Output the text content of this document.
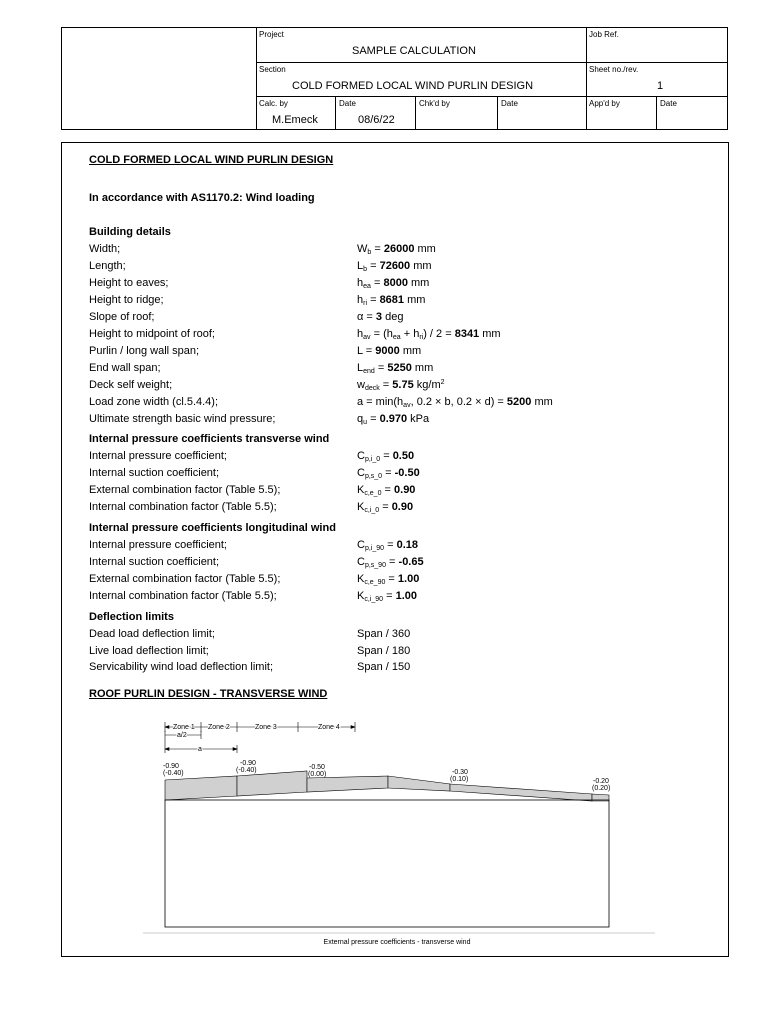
Project
SAMPLE CALCULATION
Job Ref.
Section
COLD FORMED LOCAL WIND PURLIN DESIGN
Sheet no./rev.
1
Calc. by
M.Emeck
Date
08/6/22
Chk'd by	Date	App'd by	Date
COLD FORMED LOCAL WIND PURLIN DESIGN
In accordance with AS1170.2: Wind loading
Building details
Width;	$W_b = 26000$ mm
Length;	$L_b = 72600$ mm
Height to eaves;	$h_{ea} = 8000$ mm
Height to ridge;	$h_{ri} = 8681$ mm
Slope of roof;	α = 3 deg
Height to midpoint of roof;	$h_{av} = (h_{ea} + h_{ri}) / 2 = 8341$ mm
Purlin / long wall span;	L = 9000 mm
End wall span;	$L_{end} = 5250$ mm
Deck self weight;	$w_{deck} = 5.75$ $kg/m^2$
Load zone width (cl.5.4.4);	$a = \min(h_{av}$, 0.2 × b, 0.2 × d) = 5200 mm
Ultimate strength basic wind pressure;	$q_u = 0.970$ kPa
Internal pressure coefficients transverse wind
Internal pressure coefficient;	$C_{p,i\_0} = 0.50$
Internal suction coefficient;	$C_{p,s\_0} = -0.50$
External combination factor (Table 5.5);	$K_{c,e\_0} = 0.90$
Internal combination factor (Table 5.5);	$K_{c,i\_0} = 0.90$
Internal pressure coefficients longitudinal wind
Internal pressure coefficient;	$C_{p,i\_90} = 0.18$
Internal suction coefficient;	$C_{p,s\_90} = -0.65$
External combination factor (Table 5.5);	$K_{c,e\_90} = 1.00$
Internal combination factor (Table 5.5);	$K_{c,i\_90} = 1.00$
Deflection limits
Dead load deflection limit;	Span / 360
Live load deflection limit;	Span / 180
Servicability wind load deflection limit;	Span / 150
ROOF PURLIN DESIGN - TRANSVERSE WIND
Zone 1 Zone 2	Zone 3	Zone 4
a/2
a
-0.90
(-0.40)
-0.90
(-0.40)	-0.50
(0.00)	-0.30
(0.10)	-0.20
(0.20)
External pressure coefficients - transverse wind
